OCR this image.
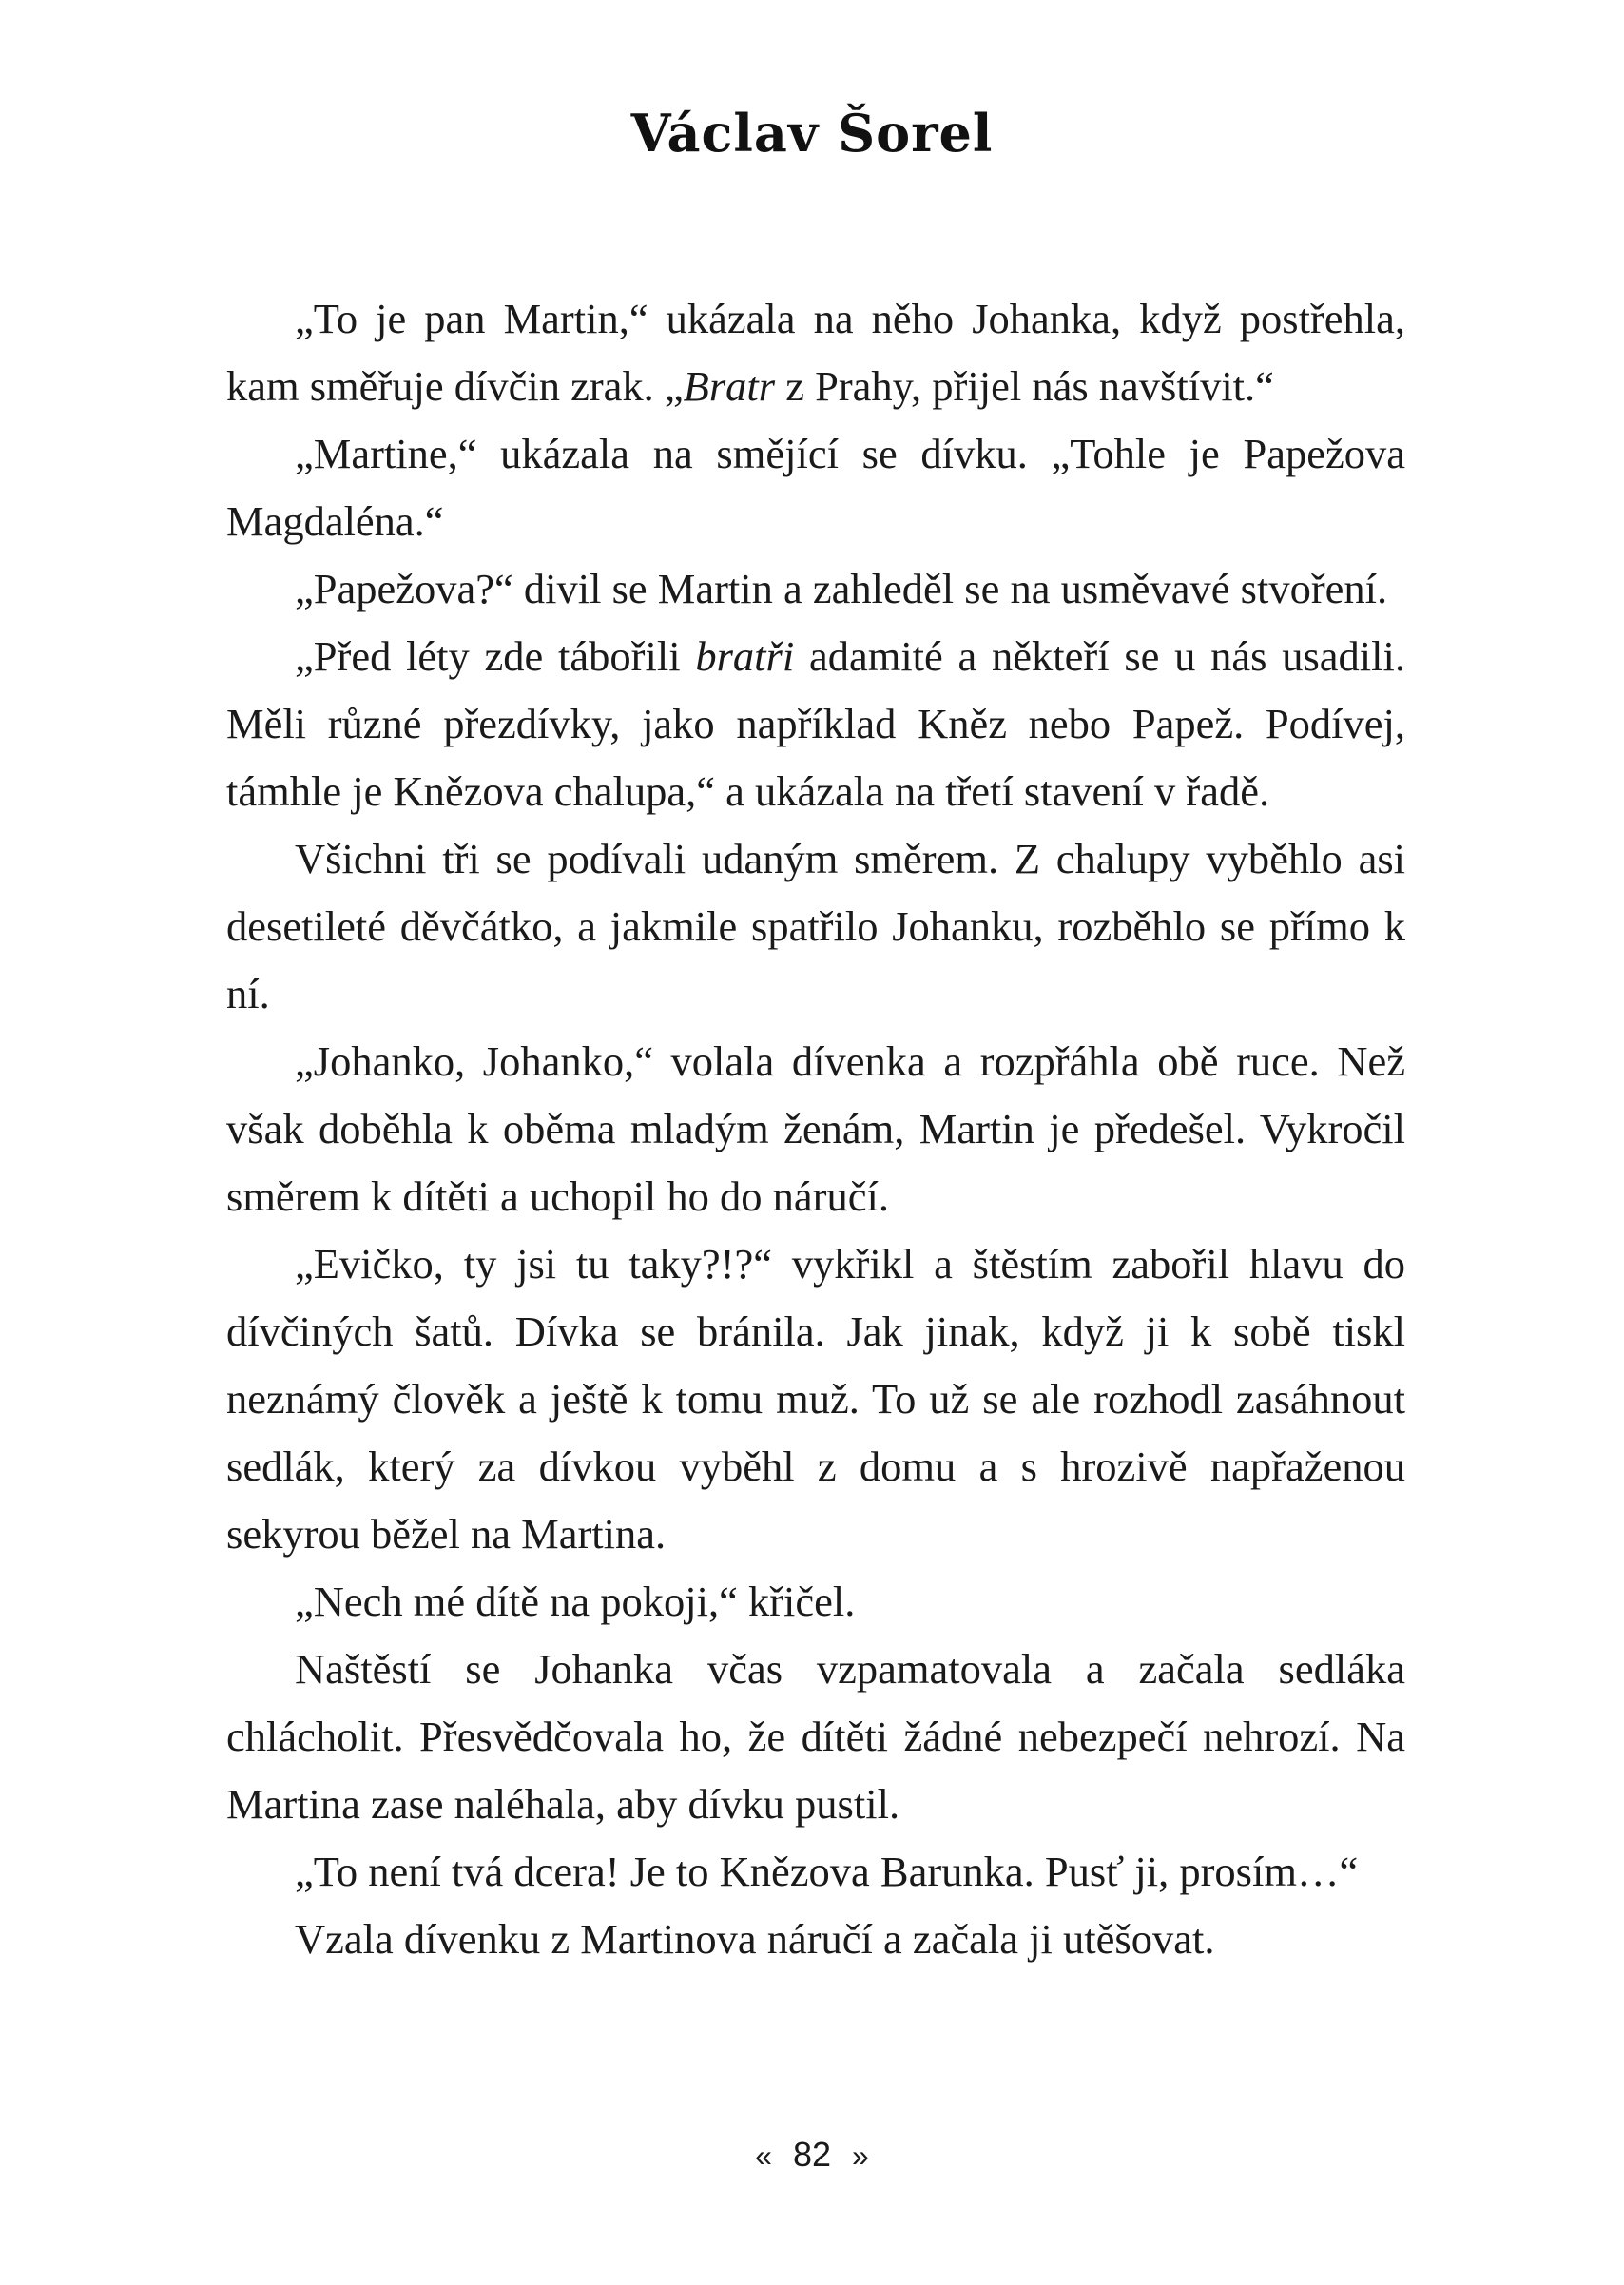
Václav Šorel

„To je pan Martin,“ ukázala na něho Johanka, když postřehla, kam směřuje dívčin zrak. „Bratr z Prahy, přijel nás navštívit.“

„Martine,“ ukázala na smějící se dívku. „Tohle je Papežova Magdaléna.“

„Papežova?“ divil se Martin a zahleděl se na usměvavé stvoření.

„Před léty zde tábořili bratři adamité a někteří se u nás usadili. Měli různé přezdívky, jako například Kněz nebo Papež. Podívej, támhle je Knězova chalupa,“ a ukázala na třetí stavení v řadě.

Všichni tři se podívali udaným směrem. Z chalupy vyběhlo asi desetileté děvčátko, a jakmile spatřilo Johanku, rozběhlo se přímo k ní.

„Johanko, Johanko,“ volala dívenka a rozpřáhla obě ruce. Než však doběhla k oběma mladým ženám, Martin je předešel. Vykročil směrem k dítěti a uchopil ho do náručí.

„Evičko, ty jsi tu taky?!?“ vykřikl a štěstím zabořil hlavu do dívčiných šatů. Dívka se bránila. Jak jinak, když ji k sobě tiskl neznámý člověk a ještě k tomu muž. To už se ale rozhodl zasáhnout sedlák, který za dívkou vyběhl z domu a s hrozivě napřaženou sekyrou běžel na Martina.

„Nech mé dítě na pokoji,“ křičel.

Naštěstí se Johanka včas vzpamatovala a začala sedláka chlácholit. Přesvědčovala ho, že dítěti žádné nebezpečí nehrozí. Na Martina zase naléhala, aby dívku pustil.

„To není tvá dcera! Je to Knězova Barunka. Pusť ji, prosím…“

Vzala dívenku z Martinova náručí a začala ji utěšovat.

« 82 »
